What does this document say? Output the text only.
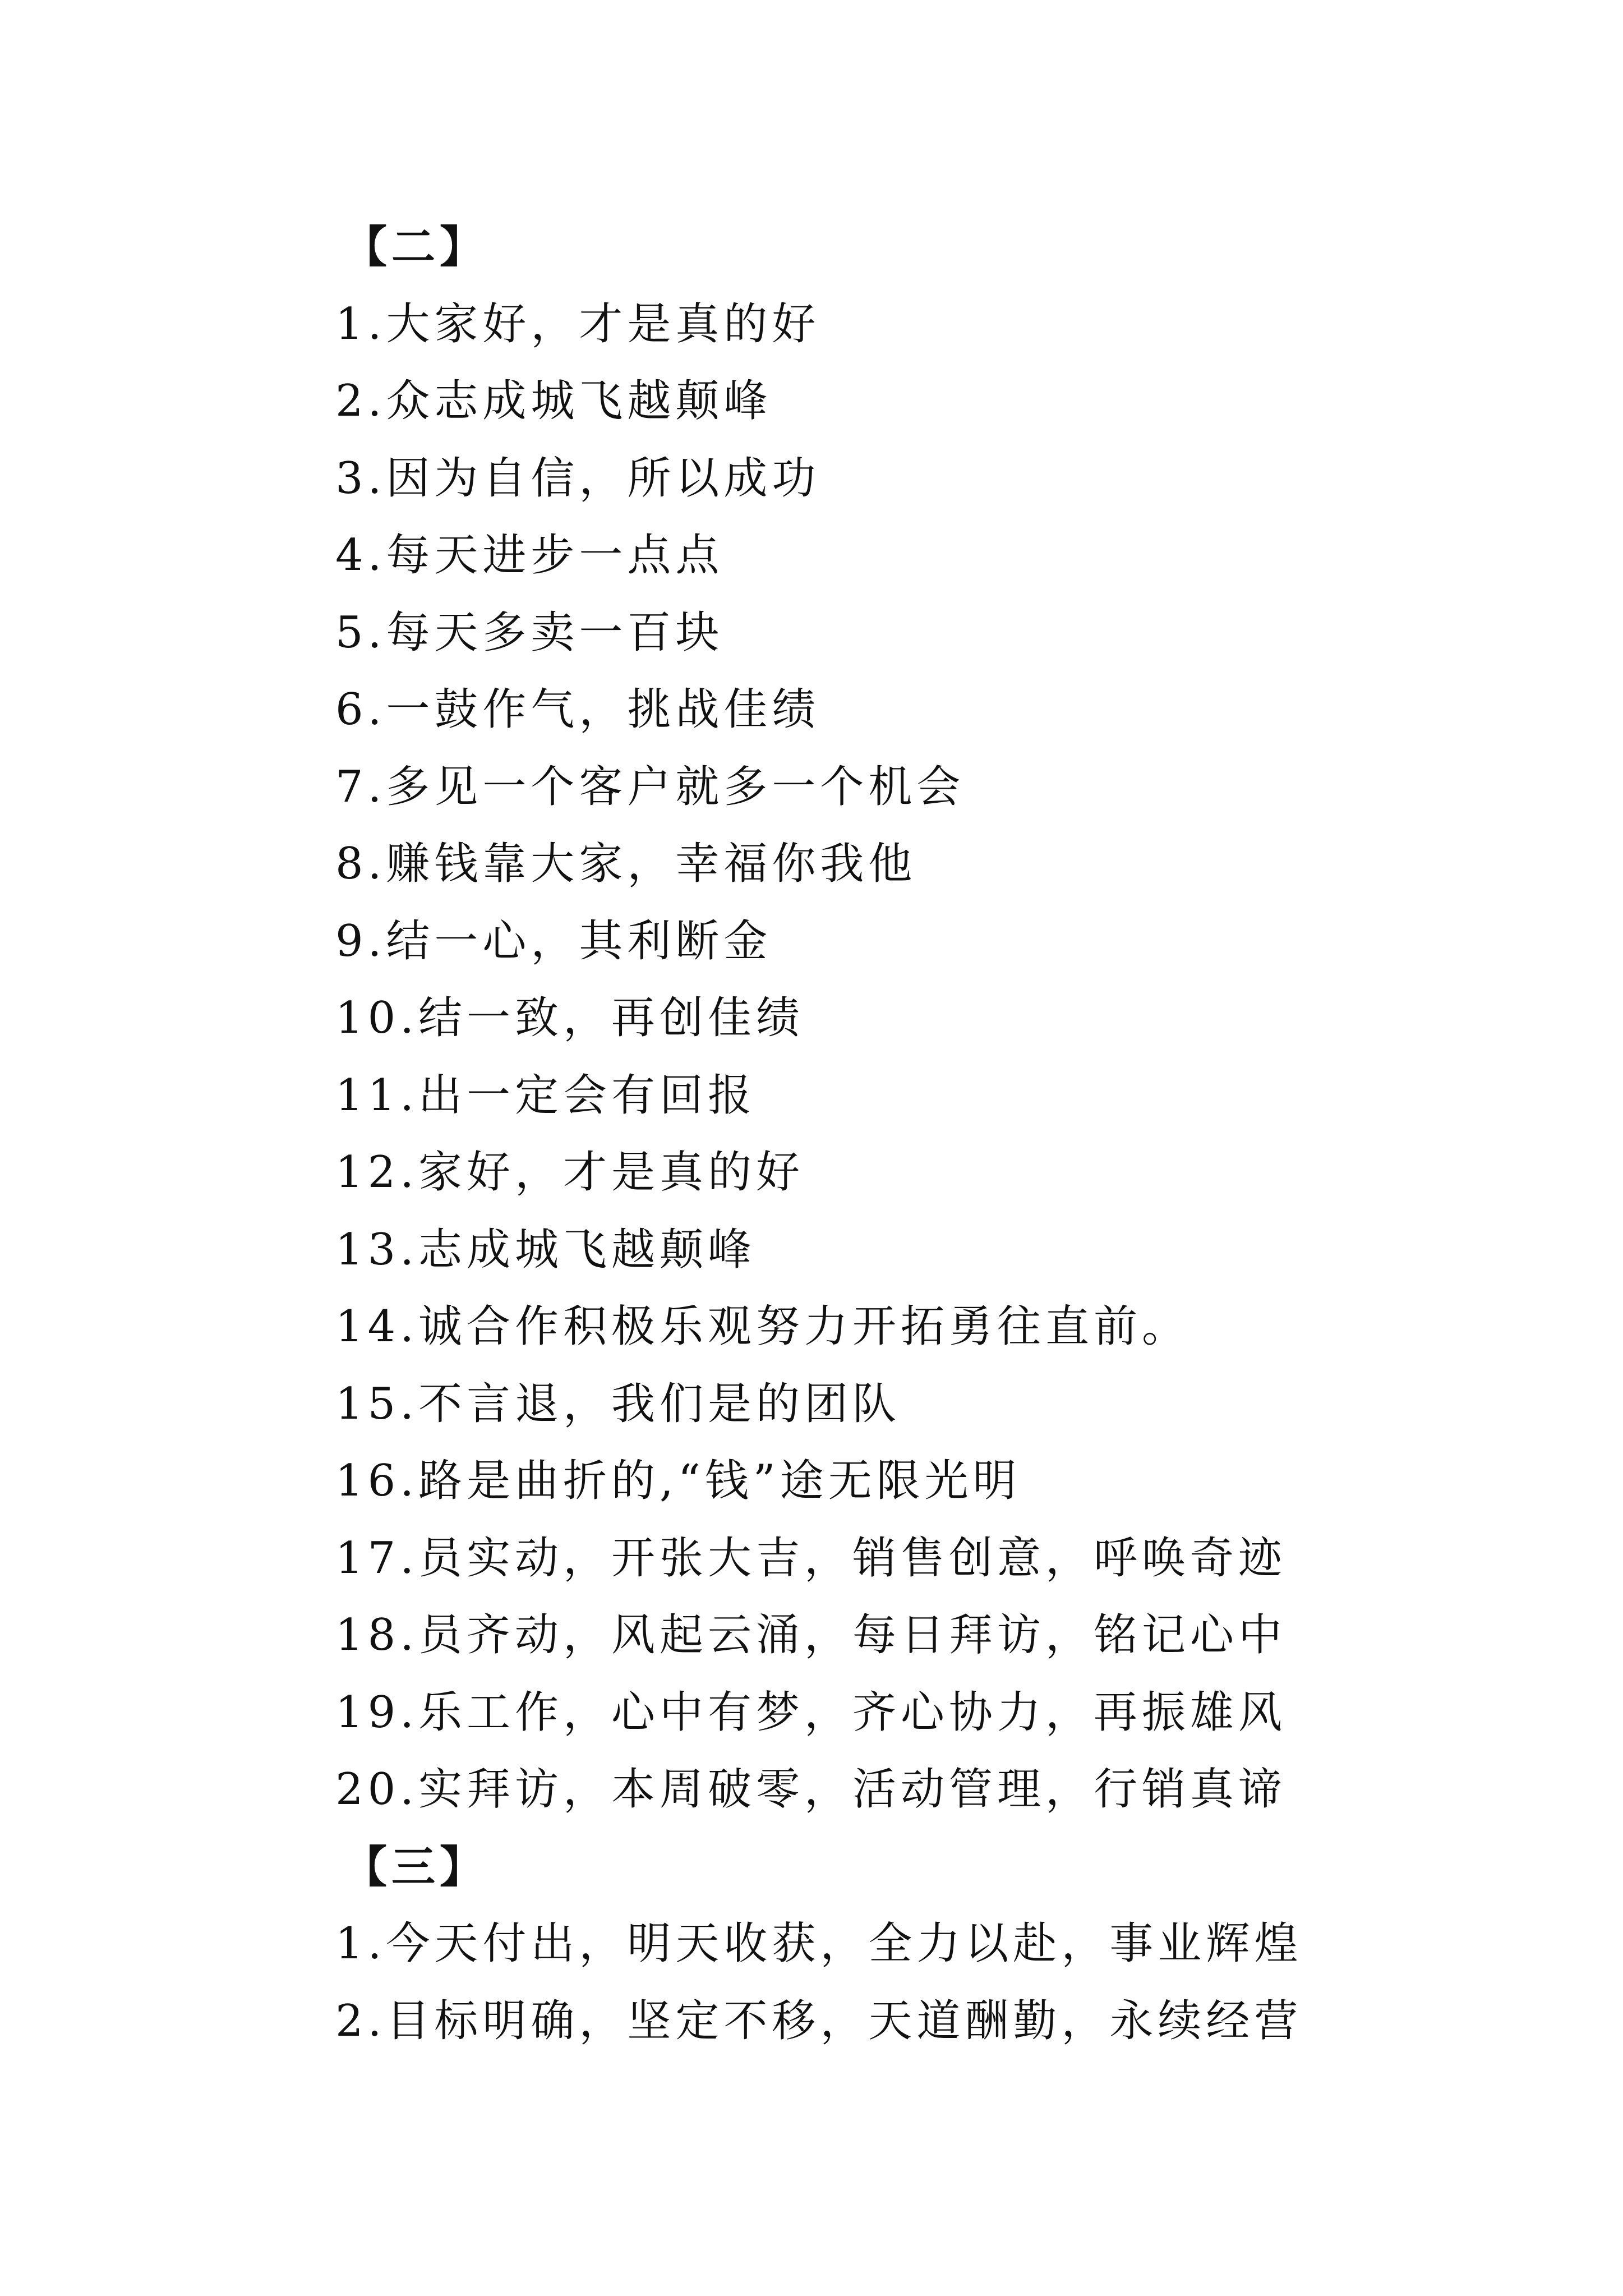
【二】
1.大家好，才是真的好
2.众志成城飞越颠峰
3.因为自信，所以成功
4.每天进步一点点
5.每天多卖一百块
6.一鼓作气，挑战佳绩
7.多见一个客户就多一个机会
8.赚钱靠大家，幸福你我他
9.结一心，其利断金
10.结一致，再创佳绩
11.出一定会有回报
12.家好，才是真的好
13.志成城飞越颠峰
14.诚合作积极乐观努力开拓勇往直前。
15.不言退，我们是的团队
16.路是曲折的,“钱”途无限光明
17.员实动，开张大吉，销售创意，呼唤奇迹
18.员齐动，风起云涌，每日拜访，铭记心中
19.乐工作，心中有梦，齐心协力，再振雄风
20.实拜访，本周破零，活动管理，行销真谛
【三】
1.今天付出，明天收获，全力以赴，事业辉煌
2.目标明确，坚定不移，天道酬勤，永续经营
